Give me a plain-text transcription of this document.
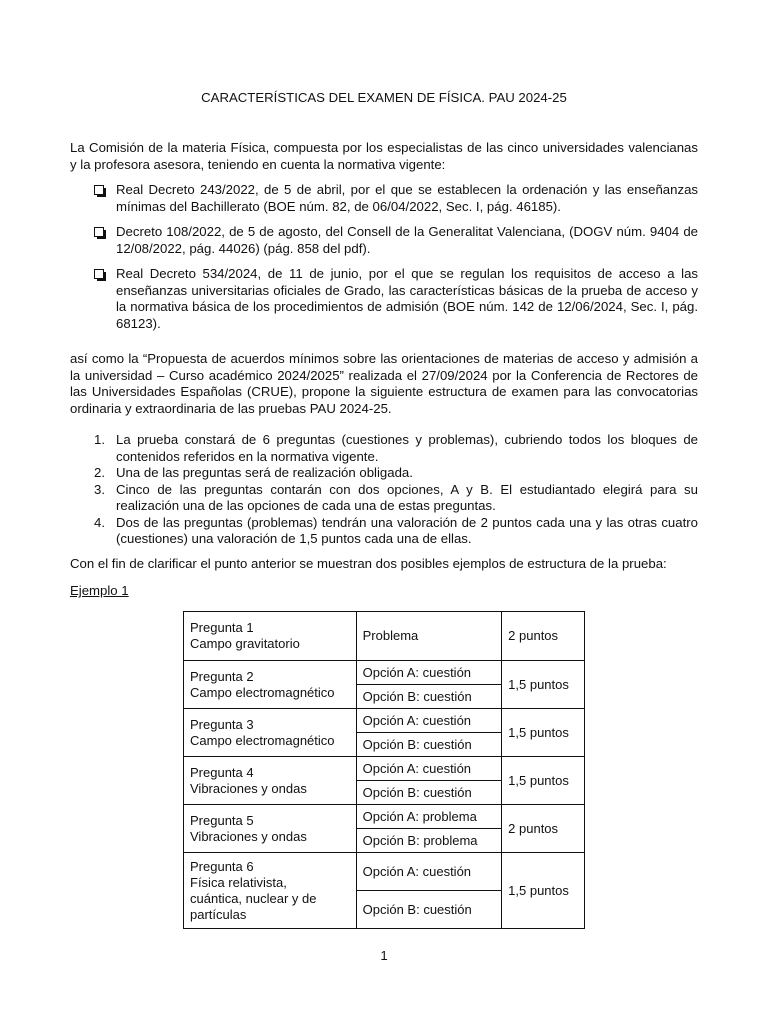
CARACTERÍSTICAS DEL EXAMEN DE FÍSICA. PAU 2024-25
La Comisión de la materia Física, compuesta por los especialistas de las cinco universidades valencianas y la profesora asesora, teniendo en cuenta la normativa vigente:
Real Decreto 243/2022, de 5 de abril, por el que se establecen la ordenación y las enseñanzas mínimas del Bachillerato (BOE núm. 82, de 06/04/2022, Sec. I, pág. 46185).
Decreto 108/2022, de 5 de agosto, del Consell de la Generalitat Valenciana, (DOGV núm. 9404 de 12/08/2022, pág. 44026) (pág. 858 del pdf).
Real Decreto 534/2024, de 11 de junio, por el que se regulan los requisitos de acceso a las enseñanzas universitarias oficiales de Grado, las características básicas de la prueba de acceso y la normativa básica de los procedimientos de admisión (BOE núm. 142 de 12/06/2024, Sec. I, pág. 68123).
así como la “Propuesta de acuerdos mínimos sobre las orientaciones de materias de acceso y admisión a la universidad – Curso académico 2024/2025” realizada el 27/09/2024 por la Conferencia de Rectores de las Universidades Españolas (CRUE), propone la siguiente estructura de examen para las convocatorias ordinaria y extraordinaria de las pruebas PAU 2024-25.
1. La prueba constará de 6 preguntas (cuestiones y problemas), cubriendo todos los bloques de contenidos referidos en la normativa vigente.
2. Una de las preguntas será de realización obligada.
3. Cinco de las preguntas contarán con dos opciones, A y B. El estudiantado elegirá para su realización una de las opciones de cada una de estas preguntas.
4. Dos de las preguntas (problemas) tendrán una valoración de 2 puntos cada una y las otras cuatro (cuestiones) una valoración de 1,5 puntos cada una de ellas.
Con el fin de clarificar el punto anterior se muestran dos posibles ejemplos de estructura de la prueba:
Ejemplo 1
Pregunta 1
Campo gravitatorio	Problema	2 puntos

Pregunta 2
Campo electromagnético	Opción A: cuestión	1,5 puntos
	Opción B: cuestión	

Pregunta 3
Campo electromagnético	Opción A: cuestión	1,5 puntos
	Opción B: cuestión	

Pregunta 4
Vibraciones y ondas	Opción A: cuestión	1,5 puntos
	Opción B: cuestión	

Pregunta 5
Vibraciones y ondas	Opción A: problema	2 puntos
	Opción B: problema	

Pregunta 6
Física relativista,
cuántica, nuclear y de
partículas	Opción A: cuestión	1,5 puntos
	Opción B: cuestión	
1
